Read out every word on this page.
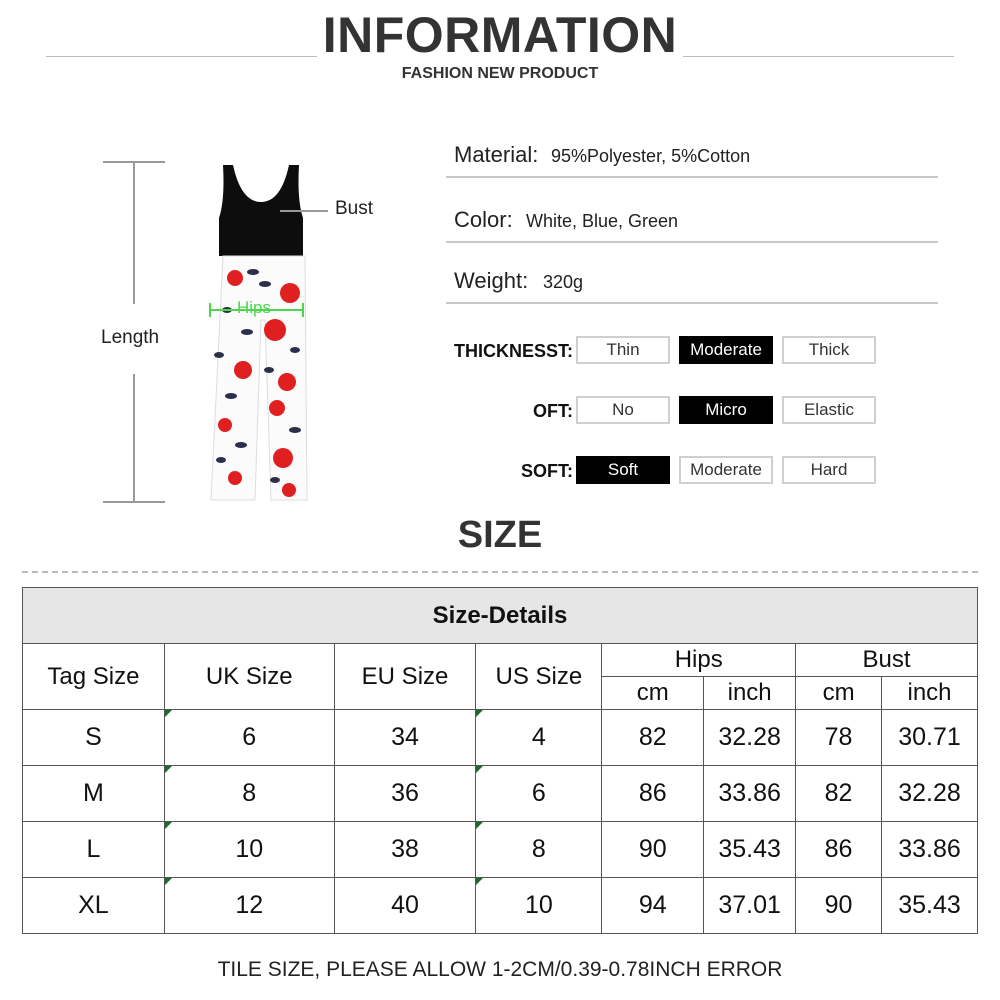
INFORMATION
FASHION NEW PRODUCT
Length
Hips
Bust
Material: 95%Polyester, 5%Cotton
Color: White, Blue, Green
Weight: 320g
THICKNESST:	Thin	Moderate	Thick
OFT:	No	Micro	Elastic
SOFT:	Soft	Moderate	Hard
SIZE
Size-Details							
Tag Size	UK Size	EU Size	US Size	Hips		Bust	
				cm	inch	cm	inch
S	6	34	4	82	32.28	78	30.71
M	8	36	6	86	33.86	82	32.28
L	10	38	8	90	35.43	86	33.86
XL	12	40	10	94	37.01	90	35.43
TILE SIZE, PLEASE ALLOW 1-2CM/0.39-0.78INCH ERROR
